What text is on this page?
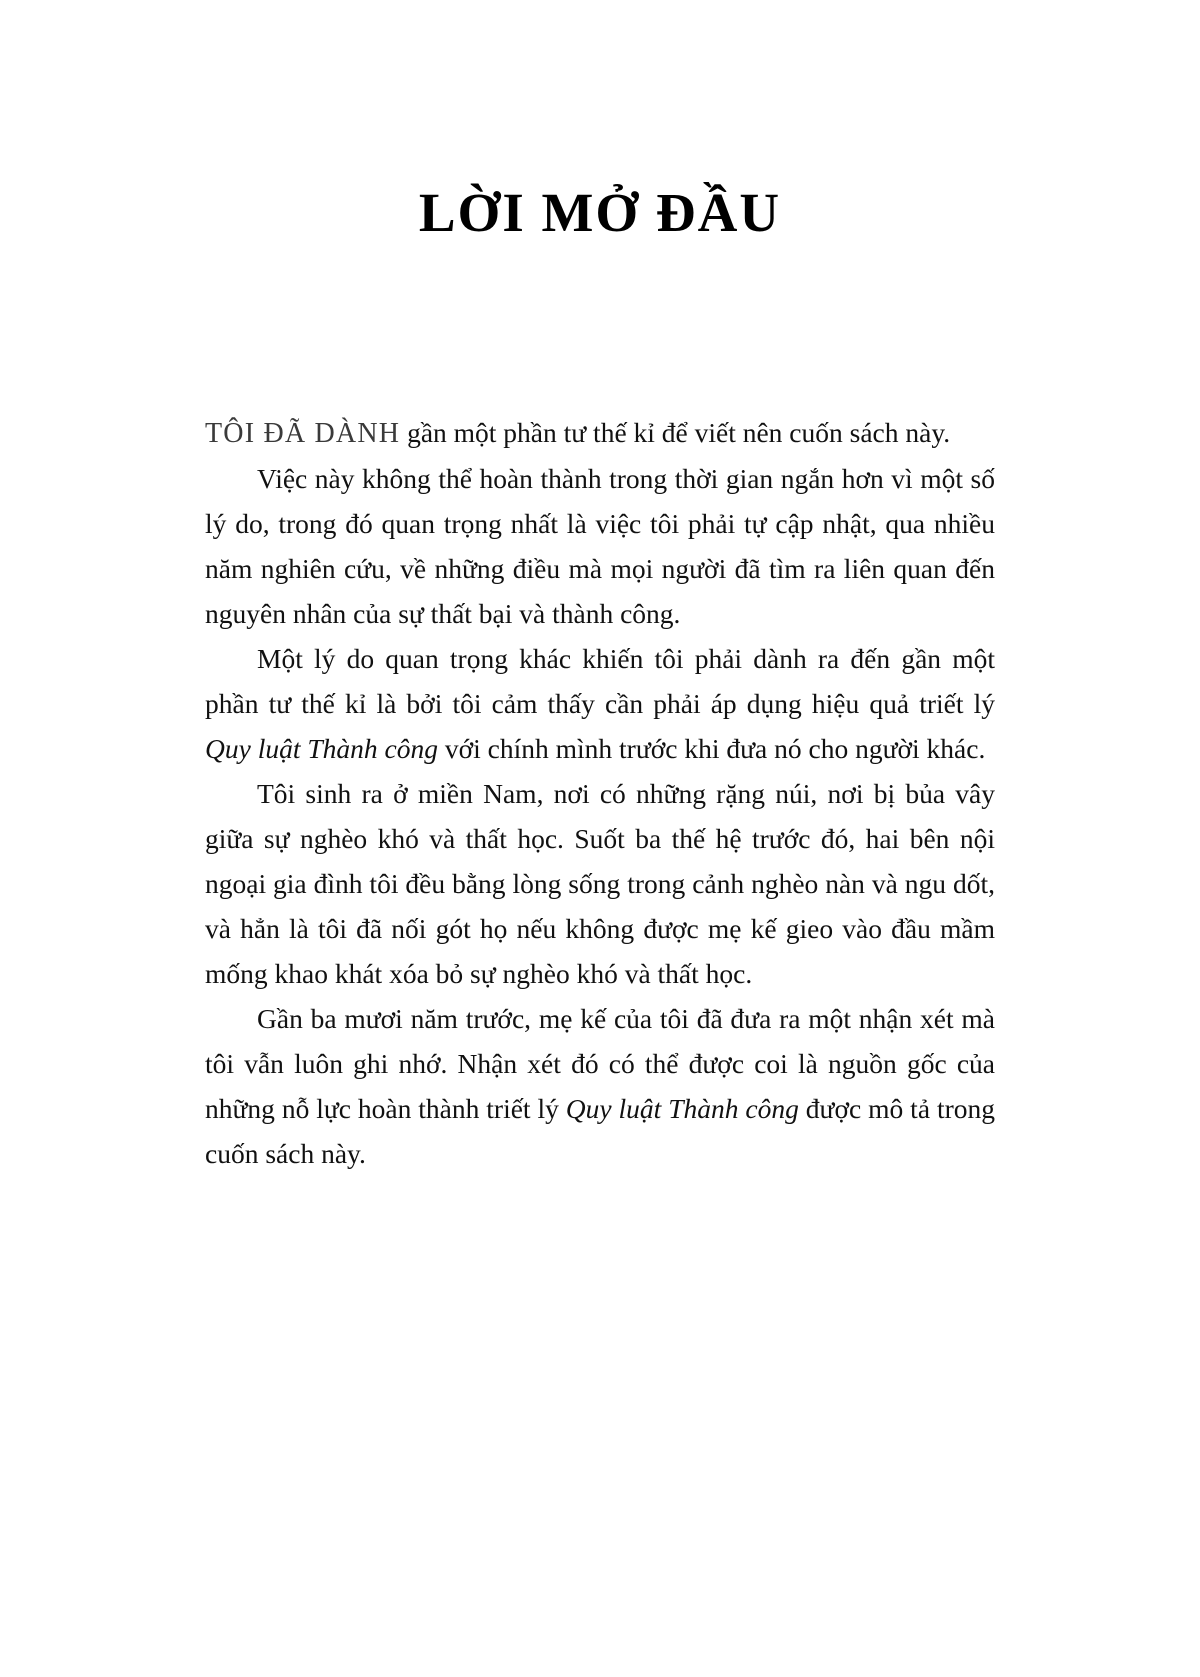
LỜI MỞ ĐẦU

TÔI ĐÃ DÀNH gần một phần tư thế kỉ để viết nên cuốn sách này.

Việc này không thể hoàn thành trong thời gian ngắn hơn vì một số lý do, trong đó quan trọng nhất là việc tôi phải tự cập nhật, qua nhiều năm nghiên cứu, về những điều mà mọi người đã tìm ra liên quan đến nguyên nhân của sự thất bại và thành công.

Một lý do quan trọng khác khiến tôi phải dành ra đến gần một phần tư thế kỉ là bởi tôi cảm thấy cần phải áp dụng hiệu quả triết lý Quy luật Thành công với chính mình trước khi đưa nó cho người khác.

Tôi sinh ra ở miền Nam, nơi có những rặng núi, nơi bị bủa vây giữa sự nghèo khó và thất học. Suốt ba thế hệ trước đó, hai bên nội ngoại gia đình tôi đều bằng lòng sống trong cảnh nghèo nàn và ngu dốt, và hẳn là tôi đã nối gót họ nếu không được mẹ kế gieo vào đầu mầm mống khao khát xóa bỏ sự nghèo khó và thất học.

Gần ba mươi năm trước, mẹ kế của tôi đã đưa ra một nhận xét mà tôi vẫn luôn ghi nhớ. Nhận xét đó có thể được coi là nguồn gốc của những nỗ lực hoàn thành triết lý Quy luật Thành công được mô tả trong cuốn sách này.
